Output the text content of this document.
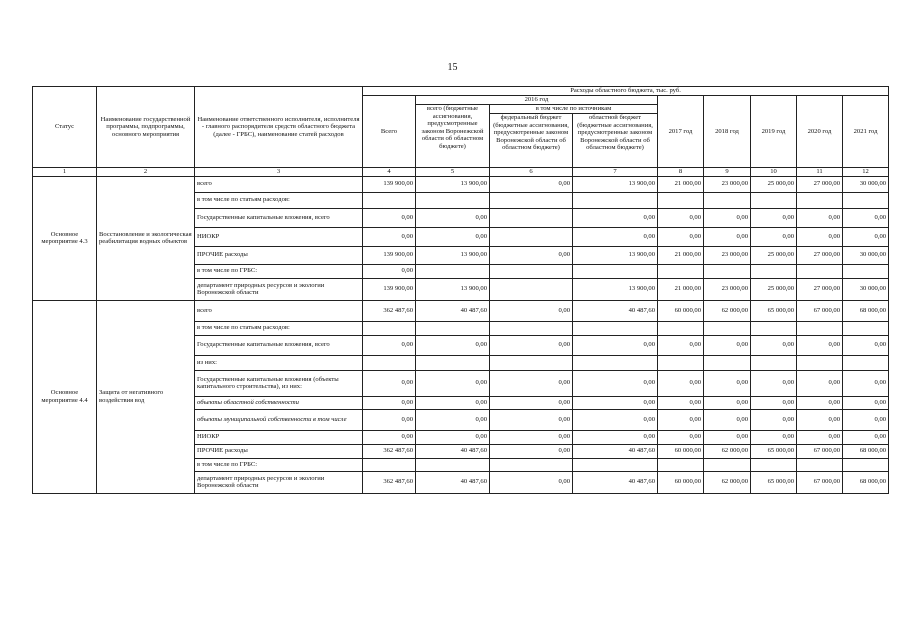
15
Статус	Наименование государственной программы, подпрограммы, основного мероприятия	Наименование ответственного исполнителя, исполнителя - главного распорядителя средств областного бюджета (далее - ГРБС), наименование статей расходов	Расходы областного бюджета, тыс. руб.								
			Всего	2016 год			2017 год	2018 год	2019 год	2020 год	2021 год
				всего (бюджетные ассигнования, предусмотренные законом Воронежской области об областном бюджете)	в том числе по источникам						
					федеральный бюджет (бюджетные ассигнования, предусмотренные законом Воронежской области об областном бюджете)	областной бюджет (бюджетные ассигнования, предусмотренные законом Воронежской области об областном бюджете)					
1	2	3	4	5	6	7	8	9	10	11	12
Основное мероприятие 4.3	Восстановление и экологическая реабилитация водных объектов	всего	139 900,00	13 900,00	0,00	13 900,00	21 000,00	23 000,00	25 000,00	27 000,00	30 000,00
		в том числе по статьям расходов:									
		Государственные капитальные вложения, всего	0,00	0,00		0,00	0,00	0,00	0,00	0,00	0,00
		НИОКР	0,00	0,00		0,00	0,00	0,00	0,00	0,00	0,00
		ПРОЧИЕ расходы	139 900,00	13 900,00	0,00	13 900,00	21 000,00	23 000,00	25 000,00	27 000,00	30 000,00
		в том числе по ГРБС:	0,00								
		департамент природных ресурсов и экологии Воронежской области	139 900,00	13 900,00		13 900,00	21 000,00	23 000,00	25 000,00	27 000,00	30 000,00
Основное мероприятие 4.4	Защита от негативного воздействия вод	всего	362 487,60	40 487,60	0,00	40 487,60	60 000,00	62 000,00	65 000,00	67 000,00	68 000,00
		в том числе по статьям расходов:									
		Государственные капитальные вложения, всего	0,00	0,00	0,00	0,00	0,00	0,00	0,00	0,00	0,00
		из них:									
		Государственные капитальные вложения (объекты капитального строительства), из них:	0,00	0,00	0,00	0,00	0,00	0,00	0,00	0,00	0,00
		объекты областной собственности	0,00	0,00	0,00	0,00	0,00	0,00	0,00	0,00	0,00
		объекты муниципальной собственности в том числе	0,00	0,00	0,00	0,00	0,00	0,00	0,00	0,00	0,00
		НИОКР	0,00	0,00	0,00	0,00	0,00	0,00	0,00	0,00	0,00
		ПРОЧИЕ расходы	362 487,60	40 487,60	0,00	40 487,60	60 000,00	62 000,00	65 000,00	67 000,00	68 000,00
		в том числе по ГРБС:									
		департамент природных ресурсов и экологии Воронежской области	362 487,60	40 487,60	0,00	40 487,60	60 000,00	62 000,00	65 000,00	67 000,00	68 000,00
